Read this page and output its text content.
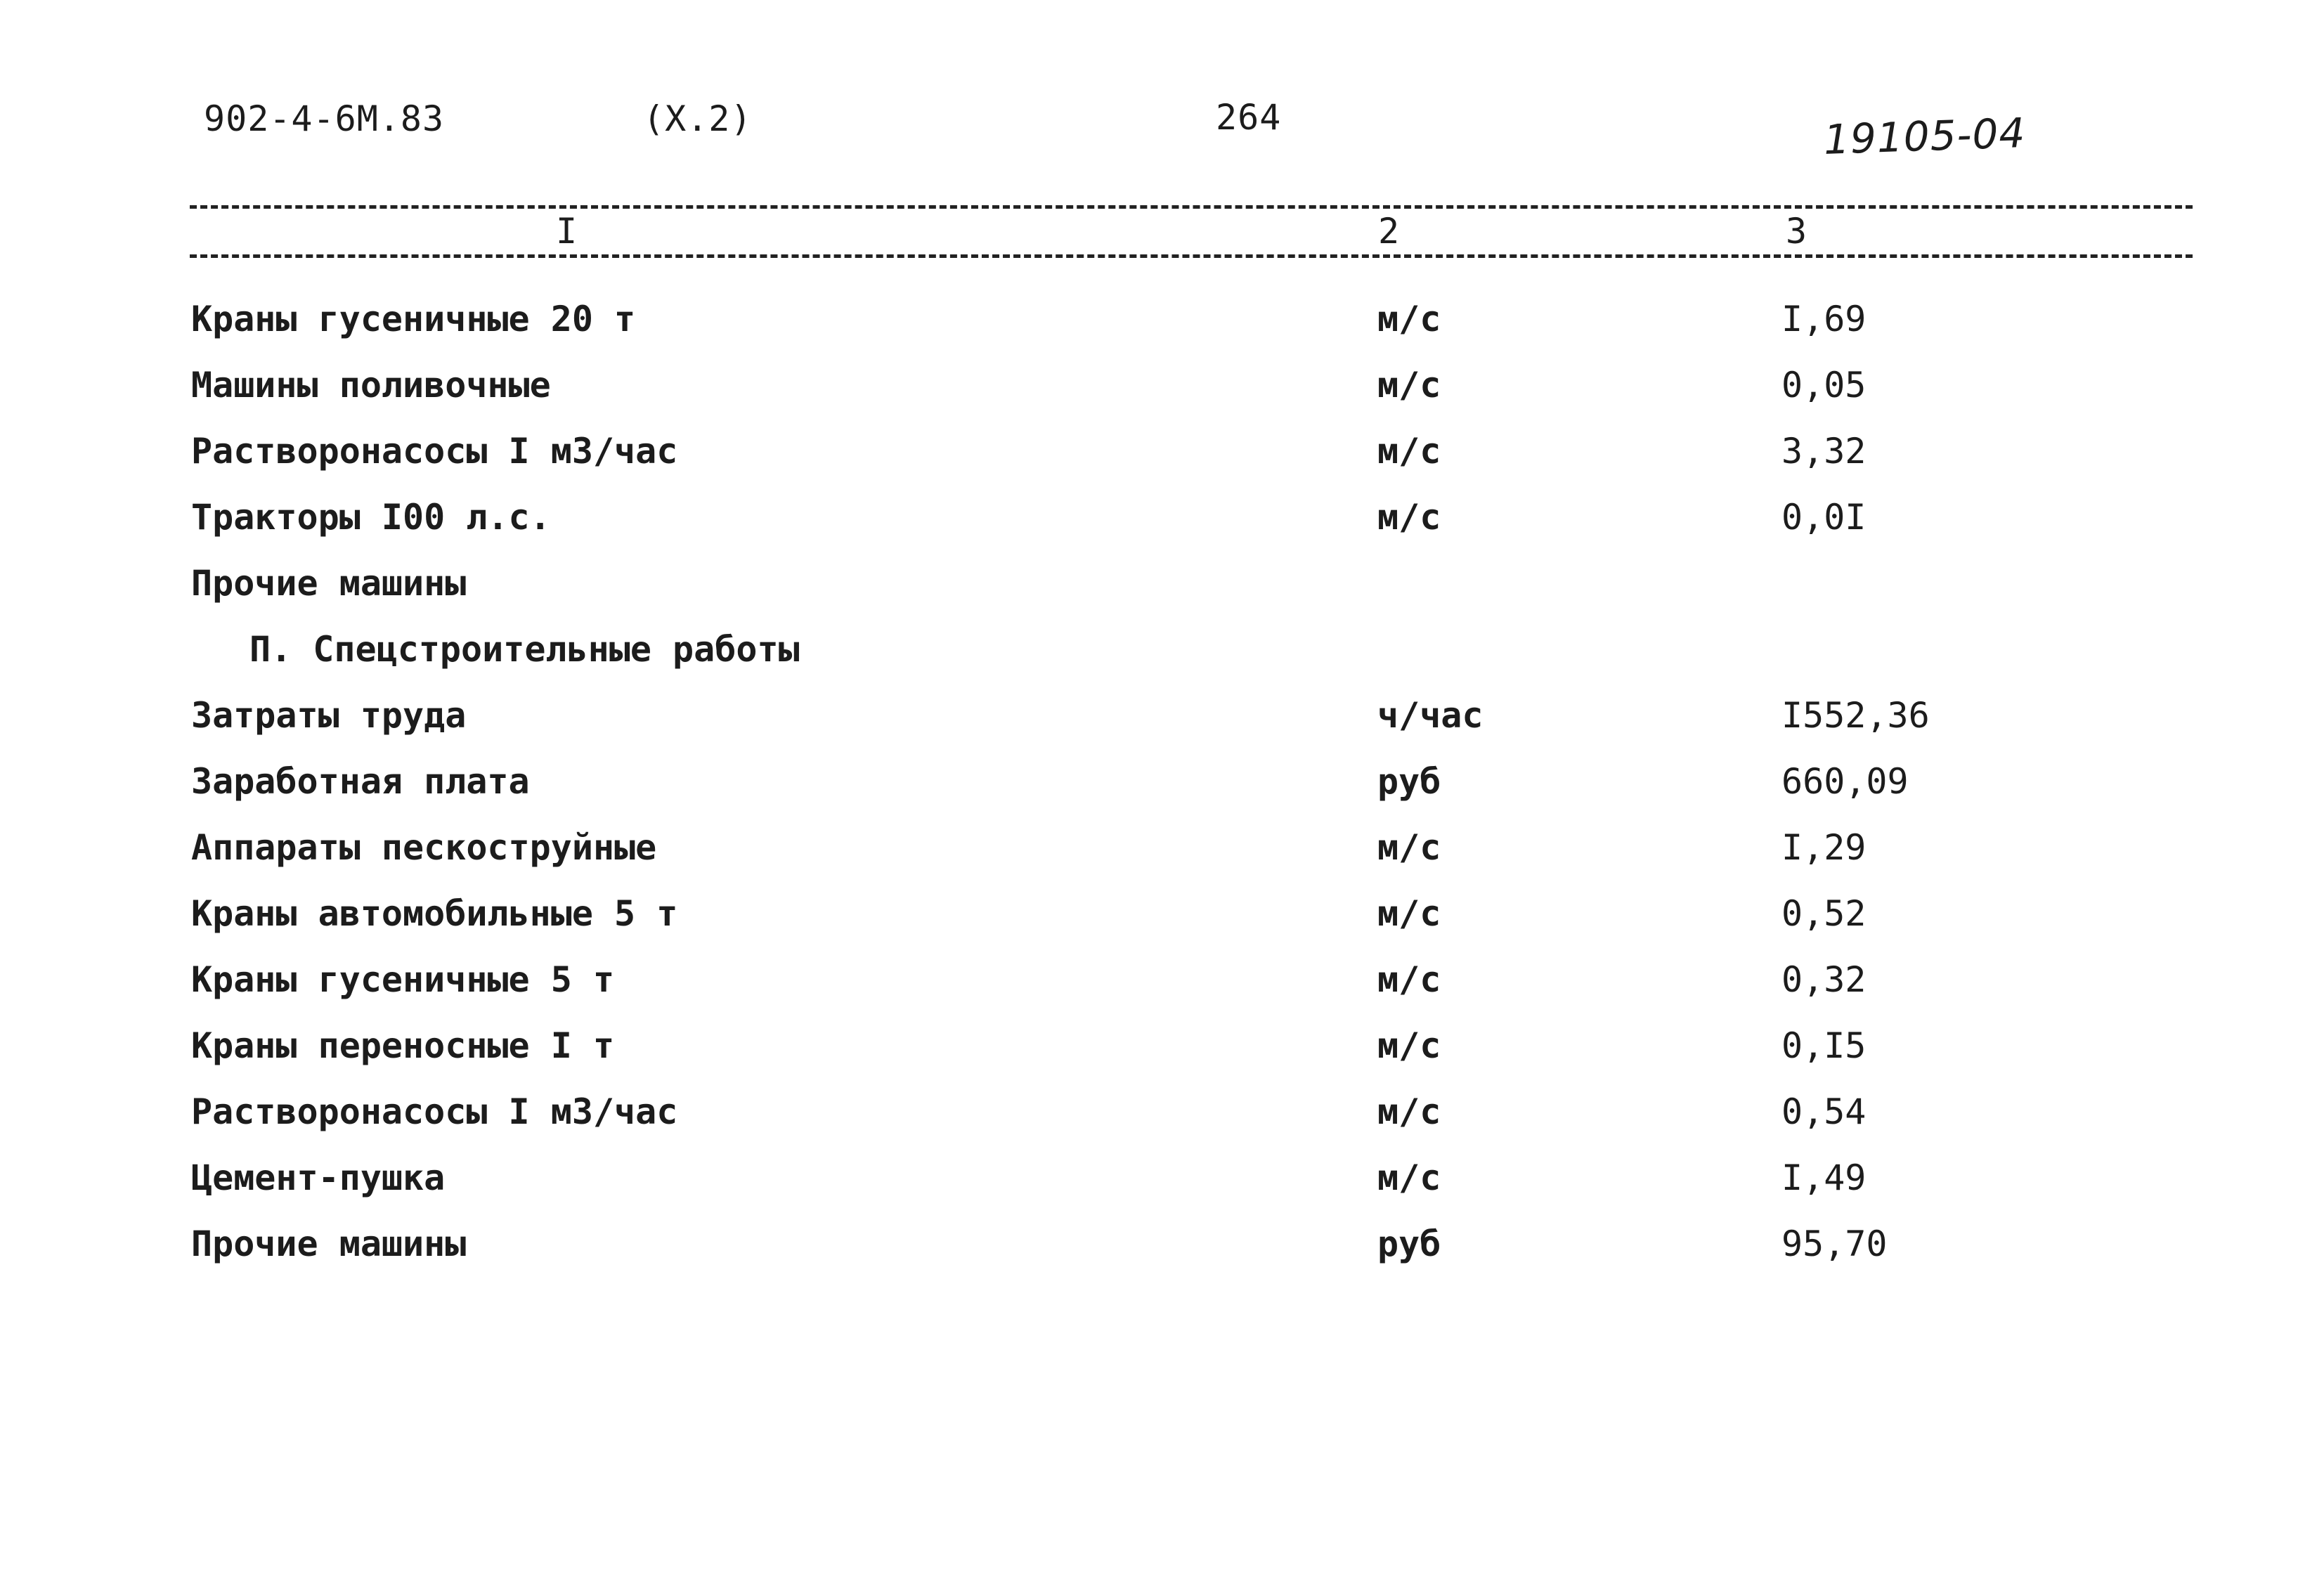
902-4-6М.83	(X.2)	264	19105-04
I	2	3
Краны гусеничные 20 т	м/с	I,69
Машины поливочные	м/с	0,05
Растворонасосы I м3/час	м/с	3,32
Тракторы I00 л.с.	м/с	0,0I
Прочие машины
П. Спецстроительные работы
Затраты труда	ч/час	I552,36
Заработная плата	руб	660,09
Аппараты пескоструйные	м/с	I,29
Краны автомобильные 5 т	м/с	0,52
Краны гусеничные 5 т	м/с	0,32
Краны переносные I т	м/с	0,I5
Растворонасосы I м3/час	м/с	0,54
Цемент-пушка	м/с	I,49
Прочие машины	руб	95,70
